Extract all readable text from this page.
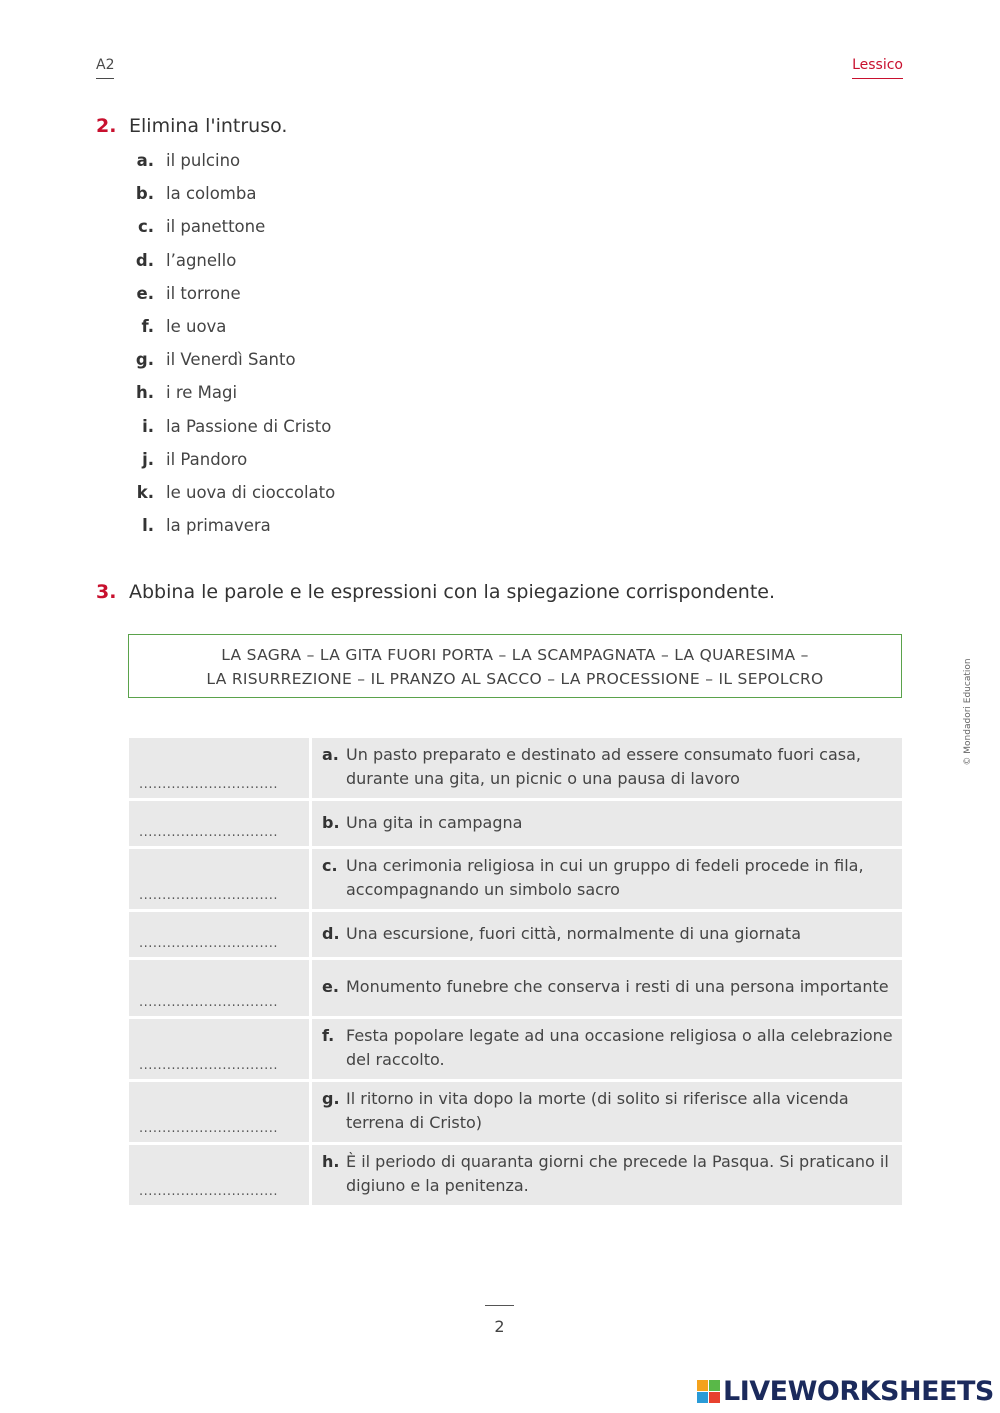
A2	Lessico
2. Elimina l'intruso.
a. il pulcino
b. la colomba
c. il panettone
d. l’agnello
e. il torrone
f. le uova
g. il Venerdì Santo
h. i re Magi
i. la Passione di Cristo
j. il Pandoro
k. le uova di cioccolato
l. la primavera
3. Abbina le parole e le espressioni con la spiegazione corrispondente.
LA SAGRA – LA GITA FUORI PORTA – LA SCAMPAGNATA – LA QUARESIMA –
LA RISURREZIONE – IL PRANZO AL SACCO – LA PROCESSIONE – IL SEPOLCRO
..............................	a. Un pasto preparato e destinato ad essere consumato fuori casa, durante una gita, un picnic o una pausa di lavoro

..............................	b. Una gita in campagna

..............................	c. Una cerimonia religiosa in cui un gruppo di fedeli procede in fila, accompagnando un simbolo sacro

..............................	d. Una escursione, fuori città, normalmente di una giornata

..............................	e. Monumento funebre che conserva i resti di una persona importante

..............................	f. Festa popolare legate ad una occasione religiosa o alla celebrazione del raccolto.

..............................	g. Il ritorno in vita dopo la morte (di solito si riferisce alla vicenda terrena di Cristo)

..............................	h. È il periodo di quaranta giorni che precede la Pasqua. Si praticano il digiuno e la penitenza.
© Mondadori Education
2
LIVEWORKSHEETS
